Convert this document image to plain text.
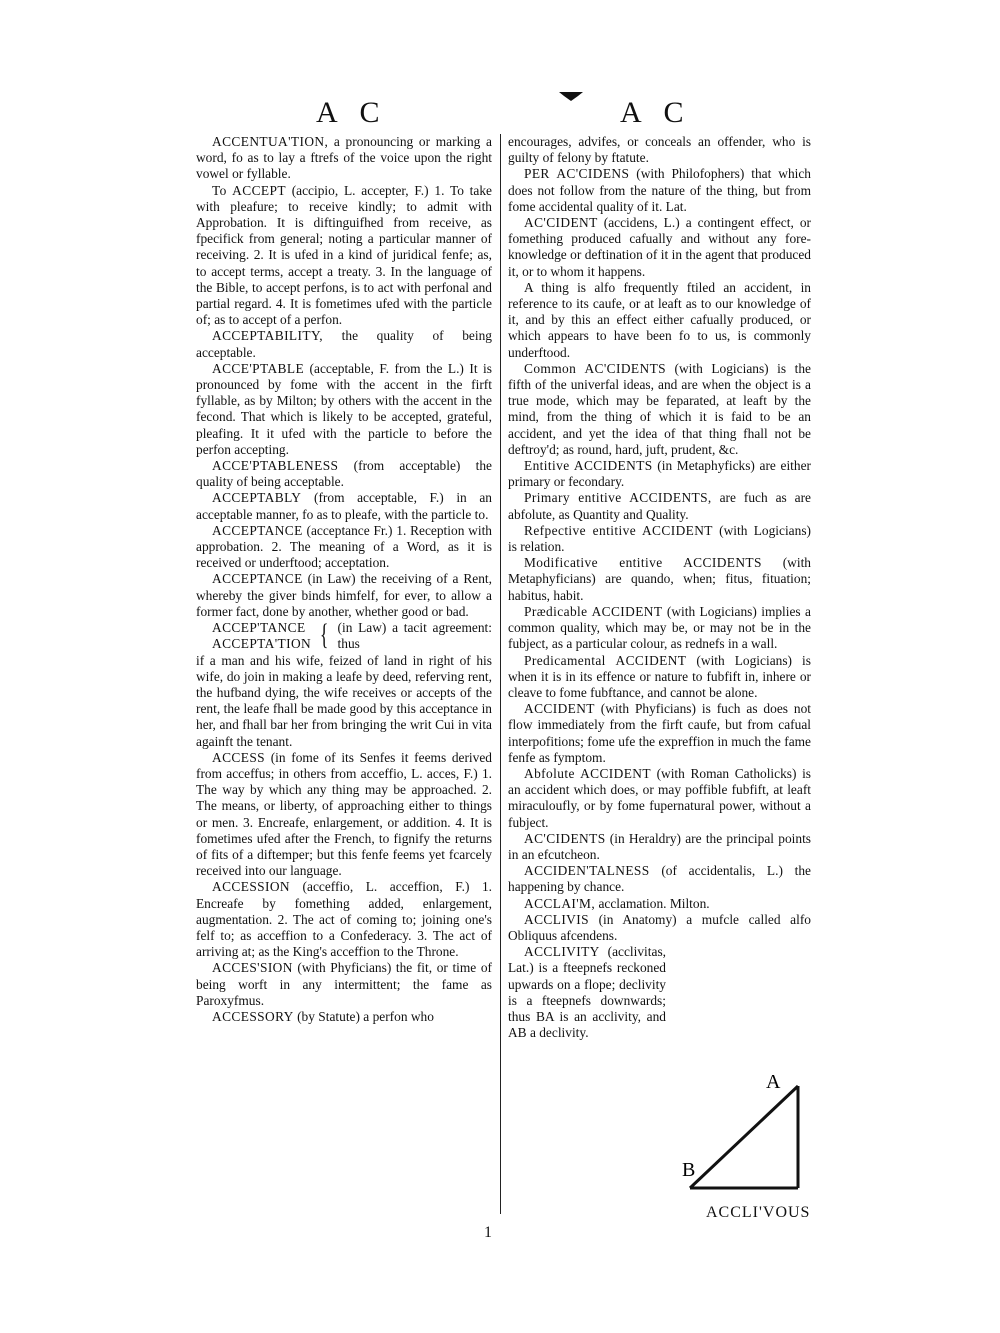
A C	A C

ACCENTUA'TION, a pronouncing or marking a word, fo as to lay a ftrefs of the voice upon the right vowel or fyllable.

To ACCEPT (accipio, L. accepter, F.) 1. To take with pleafure; to receive kindly; to admit with Approbation. It is diftinguifhed from receive, as fpecifick from general; noting a particular manner of receiving. 2. It is ufed in a kind of juridical fenfe; as, to accept terms, accept a treaty. 3. In the language of the Bible, to accept perfons, is to act with perfonal and partial regard. 4. It is fometimes ufed with the particle of; as to accept of a perfon.

ACCEPTABILITY, the quality of being acceptable.

ACCE'PTABLE (acceptable, F. from the L.) It is pronounced by fome with the accent in the firft fyllable, as by Milton; by others with the accent in the fecond. That which is likely to be accepted, grateful, pleafing. It it ufed with the particle to before the perfon accepting.

ACCE'PTABLENESS (from acceptable) the quality of being acceptable.

ACCEPTABLY (from acceptable, F.) in an acceptable manner, fo as to pleafe, with the particle to.

ACCEPTANCE (acceptance Fr.) 1. Reception with approbation. 2. The meaning of a Word, as it is received or underftood; acceptation.

ACCEPTANCE (in Law) the receiving of a Rent, whereby the giver binds himfelf, for ever, to allow a former fact, done by another, whether good or bad.

ACCEP'TANCE
ACCEPTA'TION { (in Law) a tacit agreement: thus

if a man and his wife, feized of land in right of his wife, do join in making a leafe by deed, referving rent, the hufband dying, the wife receives or accepts of the rent, the leafe fhall be made good by this acceptance in her, and fhall bar her from bringing the writ Cui in vita againft the tenant.

ACCESS (in fome of its Senfes it feems derived from acceffus; in others from acceffio, L. acces, F.) 1. The way by which any thing may be approached. 2. The means, or liberty, of approaching either to things or men. 3. Encreafe, enlargement, or addition. 4. It is fometimes ufed after the French, to fignify the returns of fits of a diftemper; but this fenfe feems yet fcarcely received into our language.

ACCESSION (acceffio, L. acceffion, F.) 1. Encreafe by fomething added, enlargement, augmentation. 2. The act of coming to; joining one's felf to; as acceffion to a Confederacy. 3. The act of arriving at; as the King's acceffion to the Throne.

ACCES'SION (with Phyficians) the fit, or time of being worft in any intermittent; the fame as Paroxyfmus.

ACCESSORY (by Statute) a perfon who

encourages, advifes, or conceals an offender, who is guilty of felony by ftatute.

PER AC'CIDENS (with Philofophers) that which does not follow from the nature of the thing, but from fome accidental quality of it. Lat.

AC'CIDENT (accidens, L.) a contingent effect, or fomething produced cafually and without any fore-knowledge or deftination of it in the agent that produced it, or to whom it happens.

A thing is alfo frequently ftiled an accident, in reference to its caufe, or at leaft as to our knowledge of it, and by this an effect either cafually produced, or which appears to have been fo to us, is commonly underftood.

Common AC'CIDENTS (with Logicians) is the fifth of the univerfal ideas, and are when the object is a true mode, which may be feparated, at leaft by the mind, from the thing of which it is faid to be an accident, and yet the idea of that thing fhall not be deftroy'd; as round, hard, juft, prudent, &c.

Entitive ACCIDENTS (in Metaphyficks) are either primary or fecondary.

Primary entitive ACCIDENTS, are fuch as are abfolute, as Quantity and Quality.

Refpective entitive ACCIDENT (with Logicians) is relation.

Modificative entitive ACCIDENTS (with Metaphyficians) are quando, when; fitus, fituation; habitus, habit.

Prædicable ACCIDENT (with Logicians) implies a common quality, which may be, or may not be in the fubject, as a particular colour, as rednefs in a wall.

Predicamental ACCIDENT (with Logicians) is when it is in its effence or nature to fubfift in, inhere or cleave to fome fubftance, and cannot be alone.

ACCIDENT (with Phyficians) is fuch as does not flow immediately from the firft caufe, but from cafual interpofitions; fome ufe the expreffion in much the fame fenfe as fymptom.

Abfolute ACCIDENT (with Roman Catholicks) is an accident which does, or may poffible fubfift, at leaft miraculoufly, or by fome fupernatural power, without a fubject.

AC'CIDENTS (in Heraldry) are the principal points in an efcutcheon.

ACCIDEN'TALNESS (of accidentalis, L.) the happening by chance.

ACCLAI'M, acclamation. Milton.

ACCLIVIS (in Anatomy) a mufcle called alfo Obliquus afcendens.

ACCLIVITY (acclivitas, Lat.) is a fteepnefs reckoned upwards on a flope; declivity is a fteepnefs downwards; thus BA is an acclivity, and AB a declivity.

A
B
1
ACCLI'VOUS
